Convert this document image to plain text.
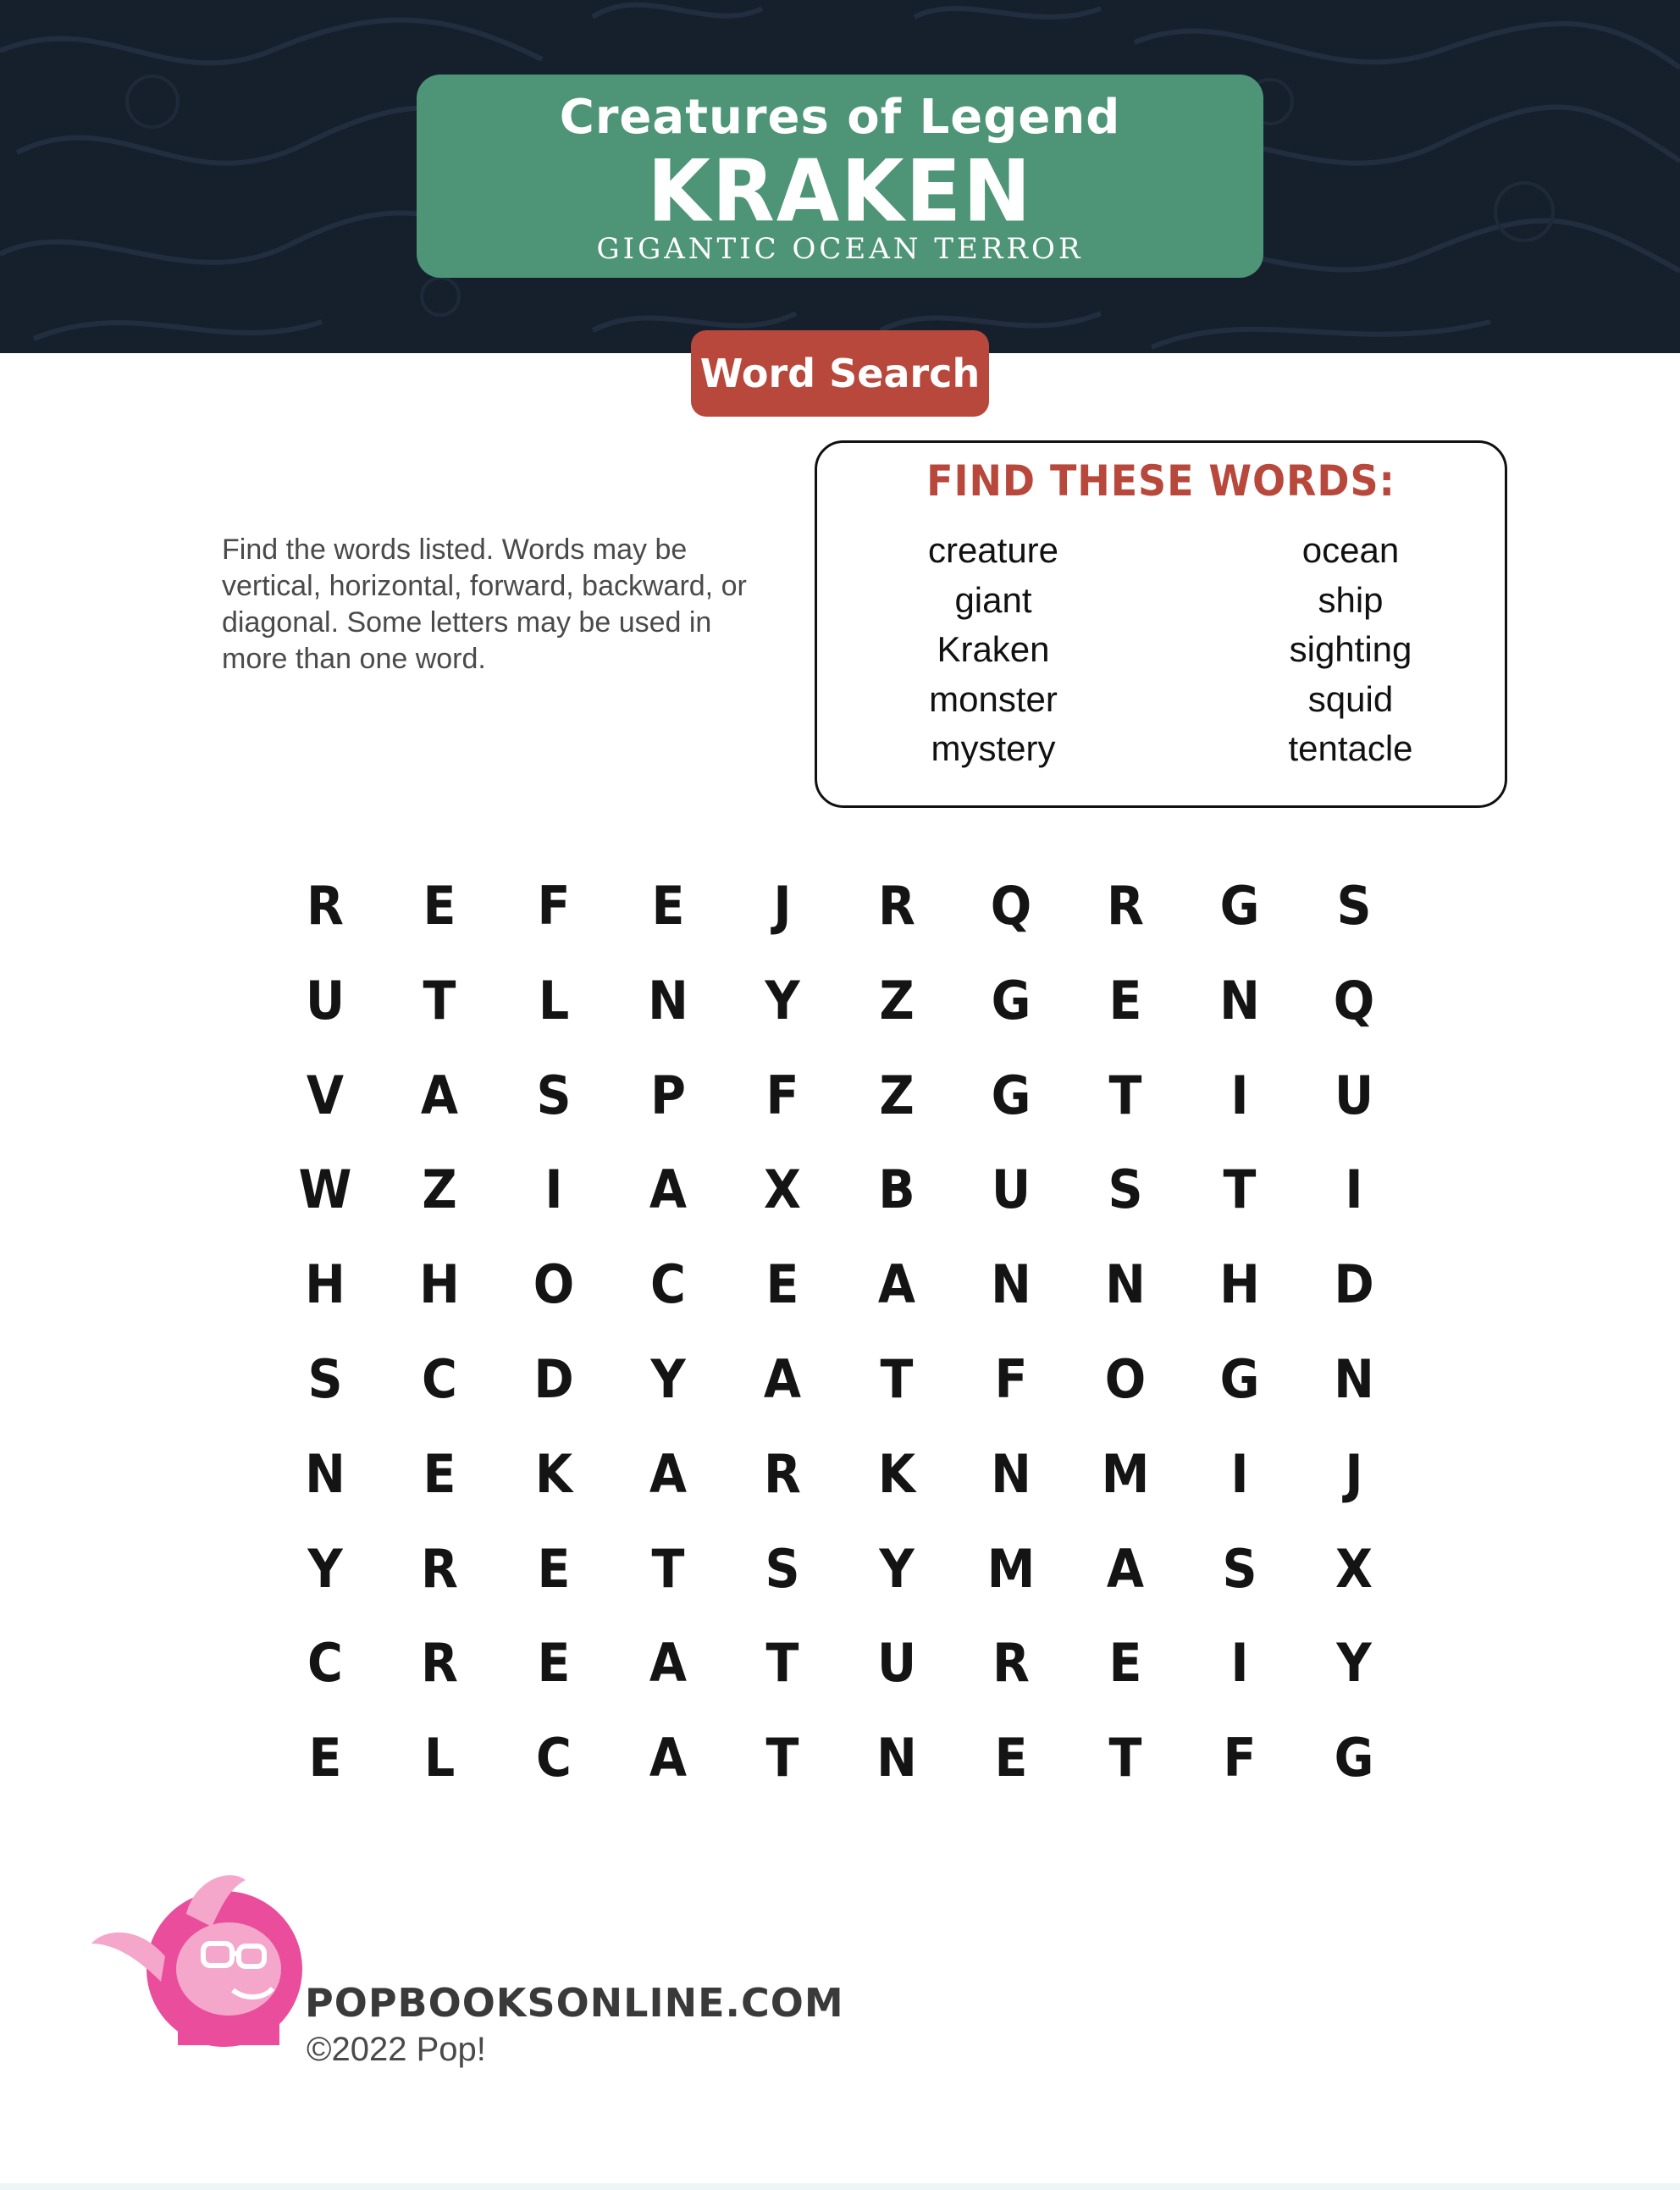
Creatures of Legend
KRAKEN
GIGANTIC OCEAN TERROR
Word Search
Find the words listed. Words may be vertical, horizontal, forward, backward, or diagonal. Some letters may be used in more than one word.
FIND THESE WORDS:
creature
giant
Kraken
monster
mystery
ocean
ship
sighting
squid
tentacle
R	E	F	E	J	R	Q	R	G	S
U	T	L	N	Y	Z	G	E	N Q
V	A	S	P	F	Z	G	T	I	U
W	Z	I	A	X	B	U	S	T	I
H H O	C	E	A	N N H D
S	C	D	Y	A	T	F	O G N
N	E	K	A	R	K	N M	I	J
Y	R	E	T	S	Y	M	A	S	X
C	R	E	A	T	U	R	E	I	Y
E	L	C	A	T	N	E	T	F	G
POPBOOKSONLINE.COM
©2022 Pop!
